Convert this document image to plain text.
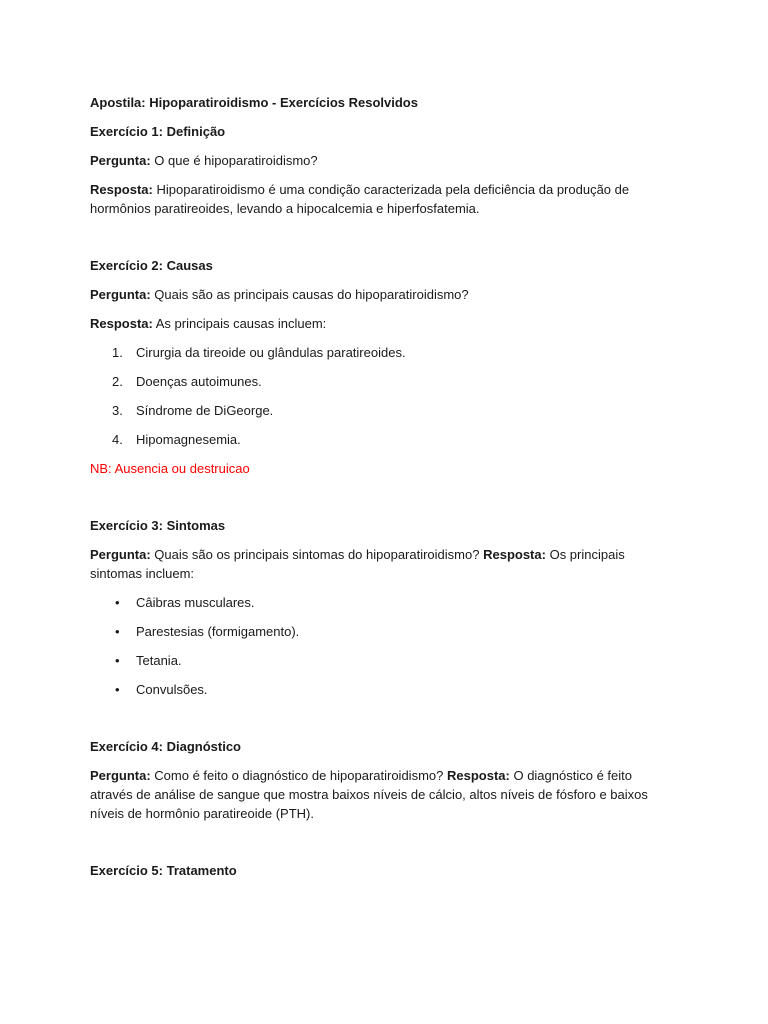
Apostila: Hipoparatiroidismo - Exercícios Resolvidos

Exercício 1: Definição

Pergunta: O que é hipoparatiroidismo?

Resposta: Hipoparatiroidismo é uma condição caracterizada pela deficiência da produção de hormônios paratireoides, levando a hipocalcemia e hiperfosfatemia.

Exercício 2: Causas

Pergunta: Quais são as principais causas do hipoparatiroidismo?

Resposta: As principais causas incluem:

1. Cirurgia da tireoide ou glândulas paratireoides.
2. Doenças autoimunes.
3. Síndrome de DiGeorge.
4. Hipomagnesemia.

NB: Ausencia ou destruicao

Exercício 3: Sintomas

Pergunta: Quais são os principais sintomas do hipoparatiroidismo? Resposta: Os principais sintomas incluem:

• Câibras musculares.
• Parestesias (formigamento).
• Tetania.
• Convulsões.

Exercício 4: Diagnóstico

Pergunta: Como é feito o diagnóstico de hipoparatiroidismo? Resposta: O diagnóstico é feito através de análise de sangue que mostra baixos níveis de cálcio, altos níveis de fósforo e baixos níveis de hormônio paratireoide (PTH).

Exercício 5: Tratamento
